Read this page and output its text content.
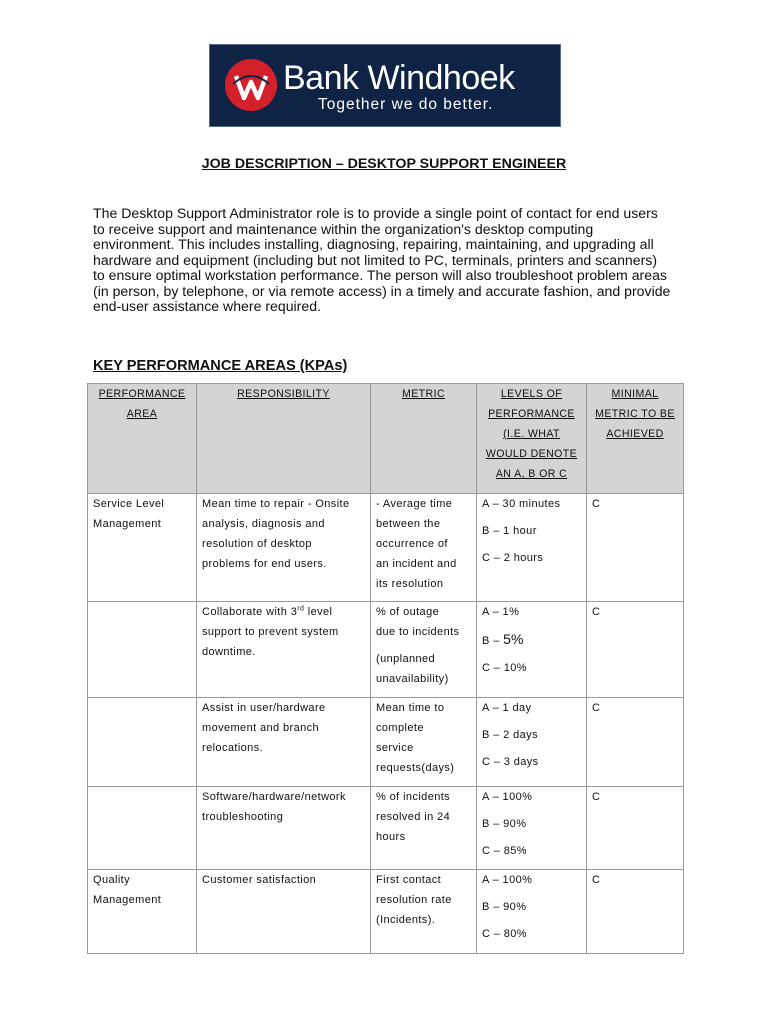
Bank Windhoek
Together we do better.
JOB DESCRIPTION – DESKTOP SUPPORT ENGINEER
The Desktop Support Administrator role is to provide a single point of contact for end users
to receive support and maintenance within the organization's desktop computing
environment. This includes installing, diagnosing, repairing, maintaining, and upgrading all
hardware and equipment (including but not limited to PC, terminals, printers and scanners)
to ensure optimal workstation performance. The person will also troubleshoot problem areas
(in person, by telephone, or via remote access) in a timely and accurate fashion, and provide
end-user assistance where required.
KEY PERFORMANCE AREAS (KPAs)
PERFORMANCE
AREA	RESPONSIBILITY	METRIC	LEVELS OF
PERFORMANCE
(I.E. WHAT
WOULD DENOTE
AN A, B OR C	MINIMAL
METRIC TO BE
ACHIEVED

Service Level
Management	Mean time to repair - Onsite
analysis, diagnosis and
resolution of desktop
problems for end users.	- Average time
between the
occurrence of
an incident and
its resolution	A – 30 minutes
B – 1 hour
C – 2 hours	C

	Collaborate with 3rd level
support to prevent system
downtime.	% of outage
due to incidents
(unplanned
unavailability)	A – 1%
B – 5%
C – 10%	C

	Assist in user/hardware
movement and branch
relocations.	Mean time to
complete
service
requests(days)	A – 1 day
B – 2 days
C – 3 days	C

	Software/hardware/network
troubleshooting	% of incidents
resolved in 24
hours	A – 100%
B – 90%
C – 85%	C

Quality
Management	Customer satisfaction	First contact
resolution rate
(Incidents).	A – 100%
B – 90%
C – 80%	C
